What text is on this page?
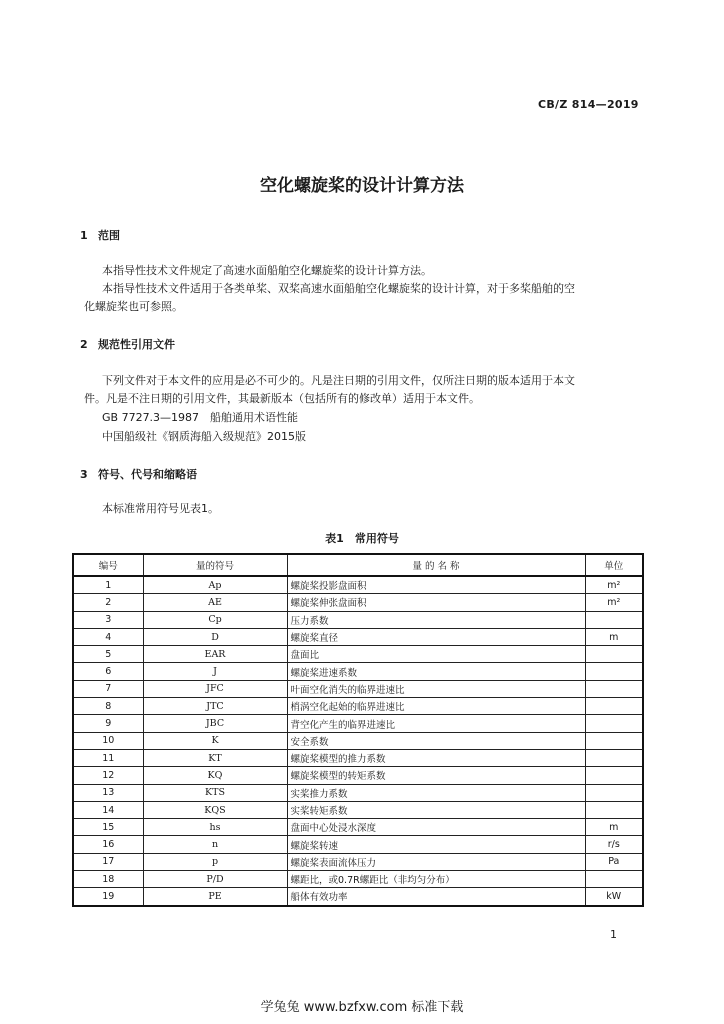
CB/Z 814—2019
空化螺旋桨的设计计算方法
1 范围
本指导性技术文件规定了高速水面船舶空化螺旋桨的设计计算方法。
本指导性技术文件适用于各类单桨、双桨高速水面船舶空化螺旋桨的设计计算，对于多桨船舶的空
化螺旋桨也可参照。
2 规范性引用文件
下列文件对于本文件的应用是必不可少的。凡是注日期的引用文件，仅所注日期的版本适用于本文
件。凡是不注日期的引用文件，其最新版本（包括所有的修改单）适用于本文件。
GB 7727.3—1987　船舶通用术语性能
中国船级社《钢质海船入级规范》2015版
3 符号、代号和缩略语
本标准常用符号见表1。
表1　常用符号
编号	量的符号	量 的 名 称	单位
1	Ap	螺旋桨投影盘面积	m²
2	AE	螺旋桨伸张盘面积	m²
3	Cp	压力系数	
4	D	螺旋桨直径	m
5	EAR	盘面比	
6	J	螺旋桨进速系数	
7	JFC	叶面空化消失的临界进速比	
8	JTC	梢涡空化起始的临界进速比	
9	JBC	背空化产生的临界进速比	
10	K	安全系数	
11	KT	螺旋桨模型的推力系数	
12	KQ	螺旋桨模型的转矩系数	
13	KTS	实桨推力系数	
14	KQS	实桨转矩系数	
15	hs	盘面中心处浸水深度	m
16	n	螺旋桨转速	r/s
17	p	螺旋桨表面流体压力	Pa
18	P/D	螺距比，或0.7R螺距比（非均匀分布）	
19	PE	船体有效功率	kW
1
学兔兔 www.bzfxw.com 标准下载
